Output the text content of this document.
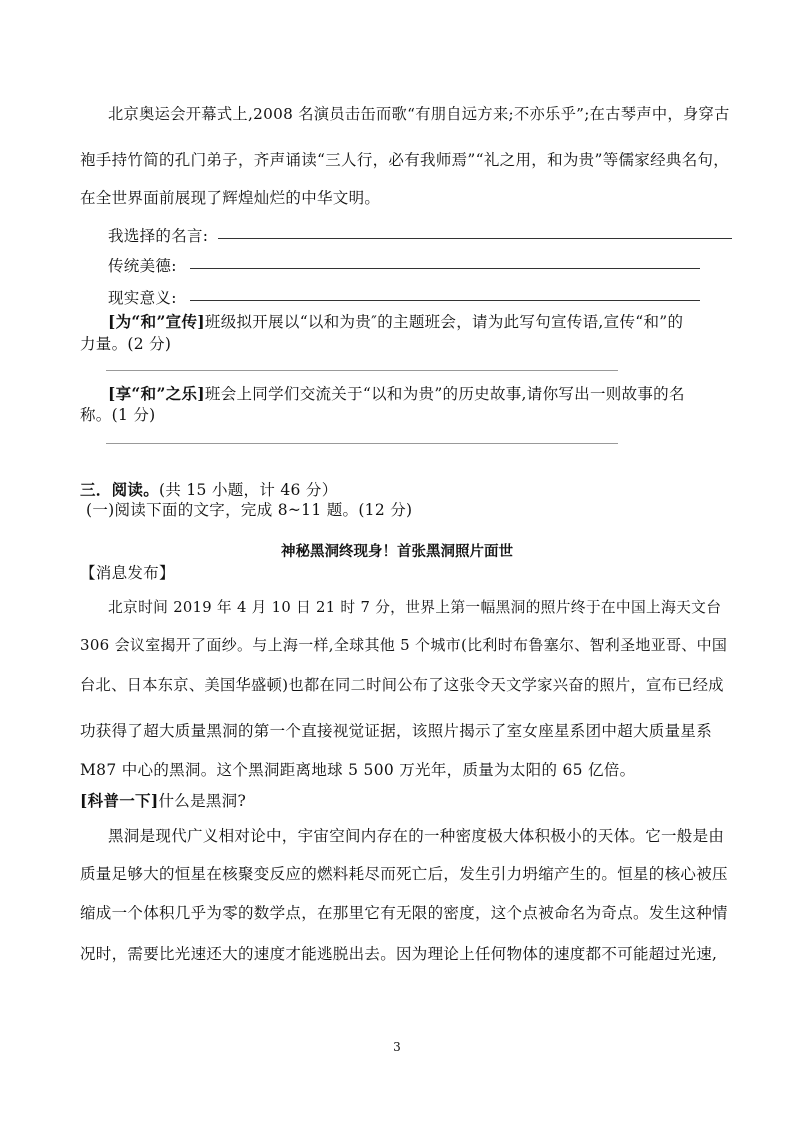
北京奥运会开幕式上,2008 名演员击缶而歌“有朋自远方来;不亦乐乎”;在古琴声中，身穿古
袍手持竹简的孔门弟子，齐声诵读“三人行，必有我师焉”“礼之用，和为贵”等儒家经典名句，
在全世界面前展现了辉煌灿烂的中华文明。
我选择的名言:
传统美德:
现实意义:
[为“和”宣传]班级拟开展以“以和为贵″的主题班会，请为此写句宣传语,宣传“和”的
力量。(2 分)
[享“和”之乐]班会上同学们交流关于“以和为贵”的历史故事,请你写出一则故事的名
称。(1 分)
三．阅读。(共 15 小题，计 46 分）
(一)阅读下面的文字，完成 8~11 题。(12 分)
神秘黑洞终现身！首张黑洞照片面世
【消息发布】
北京时间 2019 年 4 月 10 日 21 时 7 分，世界上第一幅黑洞的照片终于在中国上海天文台
306 会议室揭开了面纱。与上海一样,全球其他 5 个城市(比利时布鲁塞尔、智利圣地亚哥、中国
台北、日本东京、美国华盛顿)也都在同二时间公布了这张令天文学家兴奋的照片，宣布已经成
功获得了超大质量黑洞的第一个直接视觉证据，该照片揭示了室女座星系团中超大质量星系
M87 中心的黑洞。这个黑洞距离地球 5 500 万光年，质量为太阳的 65 亿倍。
[科普一下]什么是黑洞?
黑洞是现代广义相对论中，宇宙空间内存在的一种密度极大体积极小的天体。它一般是由
质量足够大的恒星在核聚变反应的燃料耗尽而死亡后，发生引力坍缩产生的。恒星的核心被压
缩成一个体积几乎为零的数学点，在那里它有无限的密度，这个点被命名为奇点。发生这种情
况时，需要比光速还大的速度才能逃脱出去。因为理论上任何物体的速度都不可能超过光速,
3
